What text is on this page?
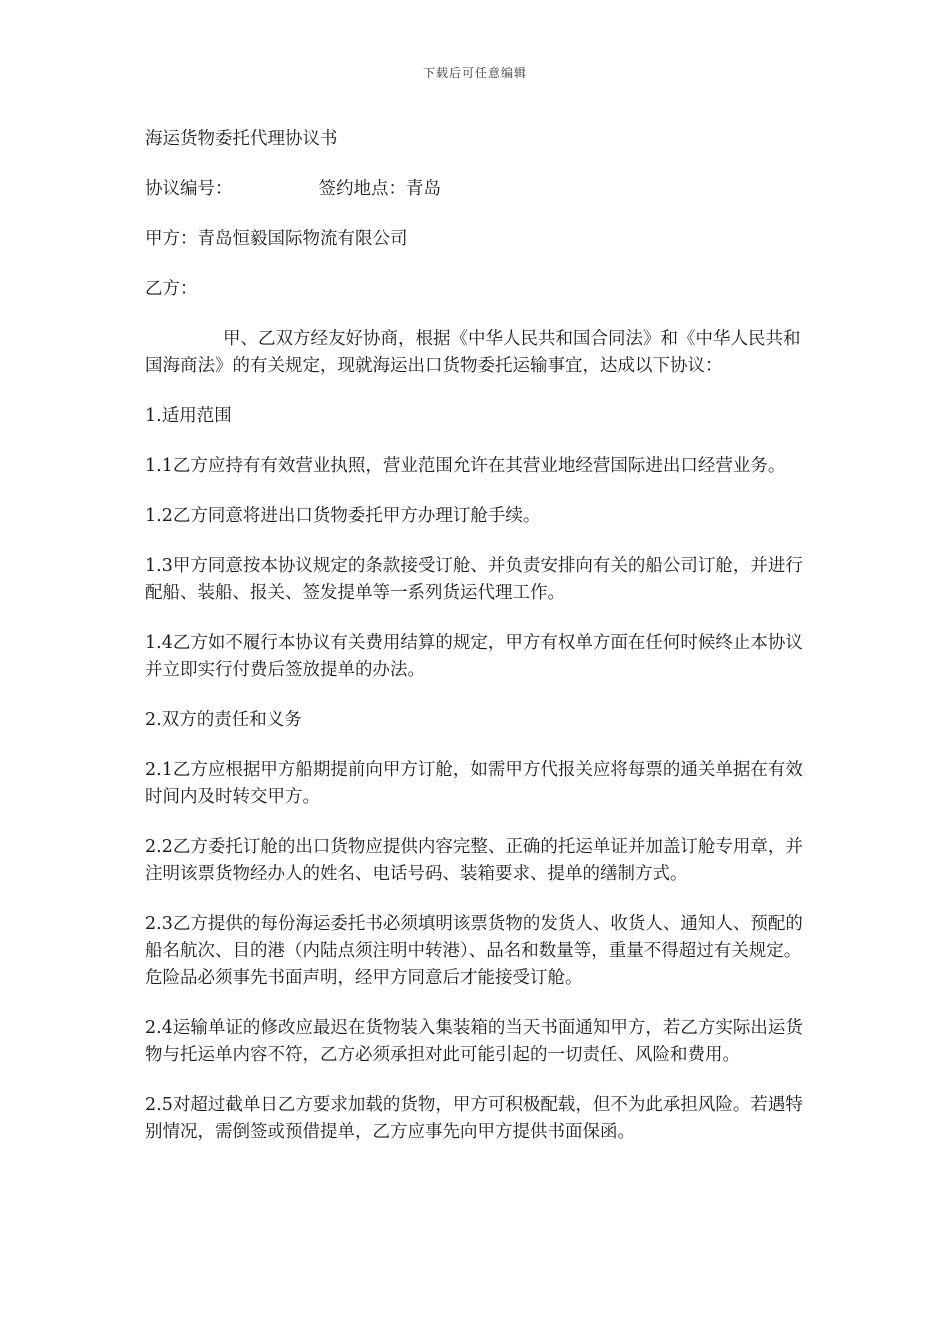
下载后可任意编辑

海运货物委托代理协议书

协议编号：	签约地点：青岛

甲方：青岛恒毅国际物流有限公司

乙方：

甲、乙双方经友好协商，根据《中华人民共和国合同法》和《中华人民共和国海商法》的有关规定，现就海运出口货物委托运输事宜，达成以下协议：

1.适用范围

1.1乙方应持有有效营业执照，营业范围允许在其营业地经营国际进出口经营业务。

1.2乙方同意将进出口货物委托甲方办理订舱手续。

1.3甲方同意按本协议规定的条款接受订舱、并负责安排向有关的船公司订舱，并进行配船、装船、报关、签发提单等一系列货运代理工作。

1.4乙方如不履行本协议有关费用结算的规定，甲方有权单方面在任何时候终止本协议并立即实行付费后签放提单的办法。

2.双方的责任和义务

2.1乙方应根据甲方船期提前向甲方订舱，如需甲方代报关应将每票的通关单据在有效时间内及时转交甲方。

2.2乙方委托订舱的出口货物应提供内容完整、正确的托运单证并加盖订舱专用章，并注明该票货物经办人的姓名、电话号码、装箱要求、提单的缮制方式。

2.3乙方提供的每份海运委托书必须填明该票货物的发货人、收货人、通知人、预配的船名航次、目的港（内陆点须注明中转港）、品名和数量等，重量不得超过有关规定。危险品必须事先书面声明，经甲方同意后才能接受订舱。

2.4运输单证的修改应最迟在货物装入集装箱的当天书面通知甲方，若乙方实际出运货物与托运单内容不符，乙方必须承担对此可能引起的一切责任、风险和费用。

2.5对超过截单日乙方要求加载的货物，甲方可积极配载，但不为此承担风险。若遇特别情况，需倒签或预借提单，乙方应事先向甲方提供书面保函。
